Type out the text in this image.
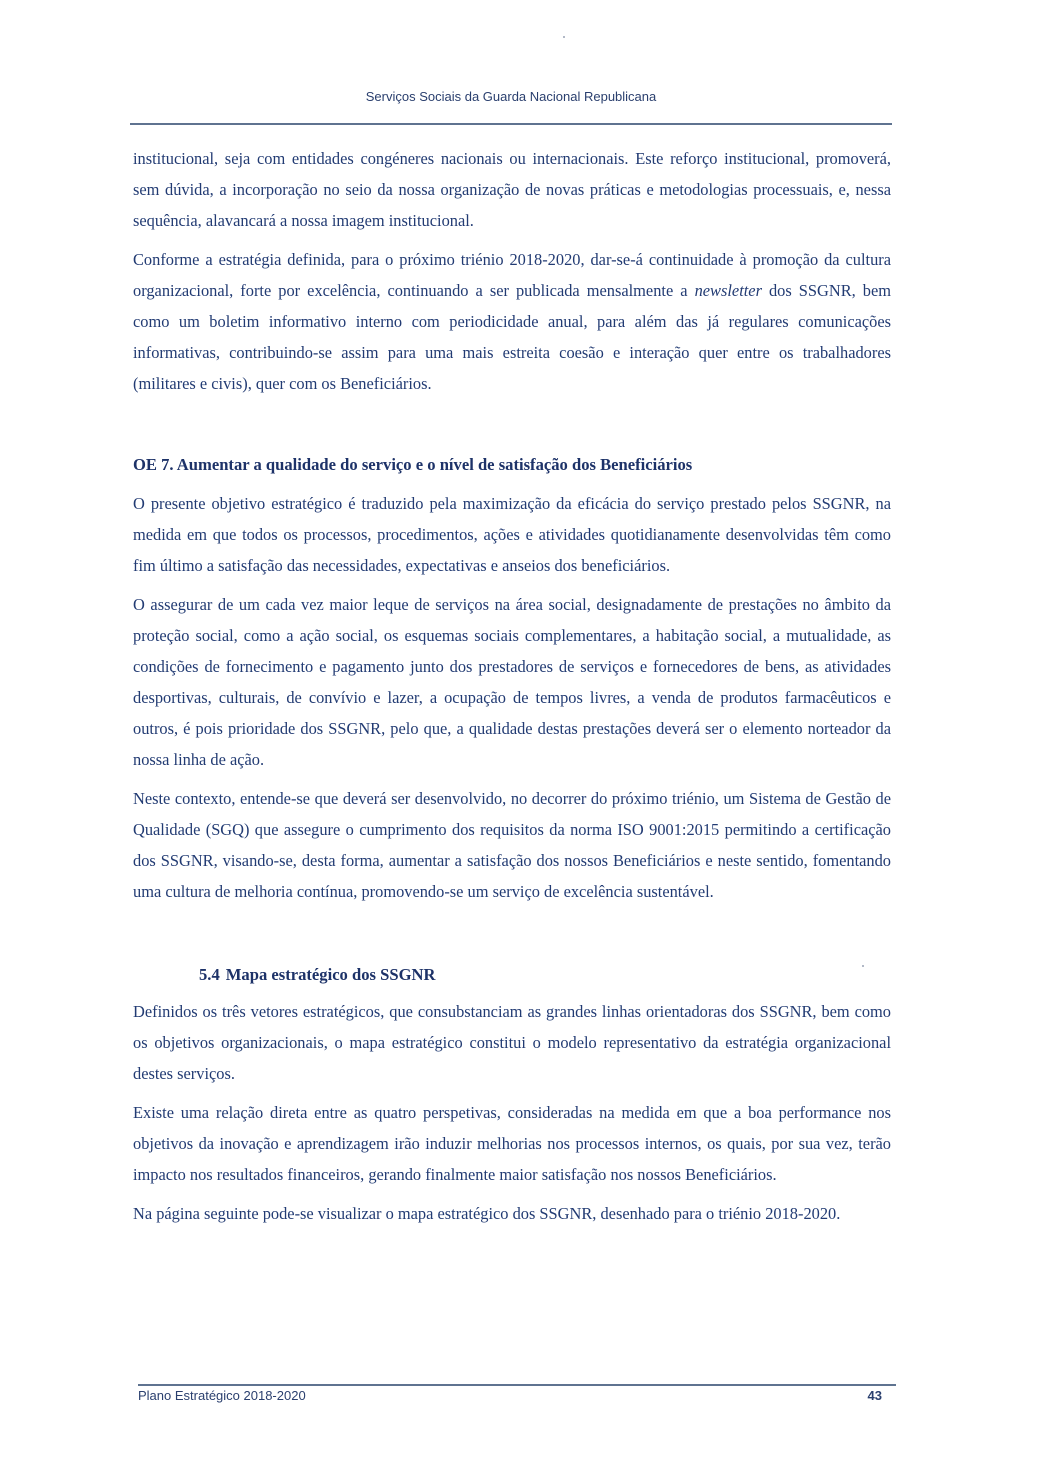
Serviços Sociais da Guarda Nacional Republicana

institucional, seja com entidades congéneres nacionais ou internacionais. Este reforço institucional, promoverá, sem dúvida, a incorporação no seio da nossa organização de novas práticas e metodologias processuais, e, nessa sequência, alavancará a nossa imagem institucional.

Conforme a estratégia definida, para o próximo triénio 2018-2020, dar-se-á continuidade à promoção da cultura organizacional, forte por excelência, continuando a ser publicada mensalmente a newsletter dos SSGNR, bem como um boletim informativo interno com periodicidade anual, para além das já regulares comunicações informativas, contribuindo-se assim para uma mais estreita coesão e interação quer entre os trabalhadores (militares e civis), quer com os Beneficiários.

OE 7. Aumentar a qualidade do serviço e o nível de satisfação dos Beneficiários

O presente objetivo estratégico é traduzido pela maximização da eficácia do serviço prestado pelos SSGNR, na medida em que todos os processos, procedimentos, ações e atividades quotidianamente desenvolvidas têm como fim último a satisfação das necessidades, expectativas e anseios dos beneficiários.

O assegurar de um cada vez maior leque de serviços na área social, designadamente de prestações no âmbito da proteção social, como a ação social, os esquemas sociais complementares, a habitação social, a mutualidade, as condições de fornecimento e pagamento junto dos prestadores de serviços e fornecedores de bens, as atividades desportivas, culturais, de convívio e lazer, a ocupação de tempos livres, a venda de produtos farmacêuticos e outros, é pois prioridade dos SSGNR, pelo que, a qualidade destas prestações deverá ser o elemento norteador da nossa linha de ação.

Neste contexto, entende-se que deverá ser desenvolvido, no decorrer do próximo triénio, um Sistema de Gestão de Qualidade (SGQ) que assegure o cumprimento dos requisitos da norma ISO 9001:2015 permitindo a certificação dos SSGNR, visando-se, desta forma, aumentar a satisfação dos nossos Beneficiários e neste sentido, fomentando uma cultura de melhoria contínua, promovendo-se um serviço de excelência sustentável.

5.4 Mapa estratégico dos SSGNR

Definidos os três vetores estratégicos, que consubstanciam as grandes linhas orientadoras dos SSGNR, bem como os objetivos organizacionais, o mapa estratégico constitui o modelo representativo da estratégia organizacional destes serviços.

Existe uma relação direta entre as quatro perspetivas, consideradas na medida em que a boa performance nos objetivos da inovação e aprendizagem irão induzir melhorias nos processos internos, os quais, por sua vez, terão impacto nos resultados financeiros, gerando finalmente maior satisfação nos nossos Beneficiários.

Na página seguinte pode-se visualizar o mapa estratégico dos SSGNR, desenhado para o triénio 2018-2020.

Plano Estratégico 2018-2020	43
